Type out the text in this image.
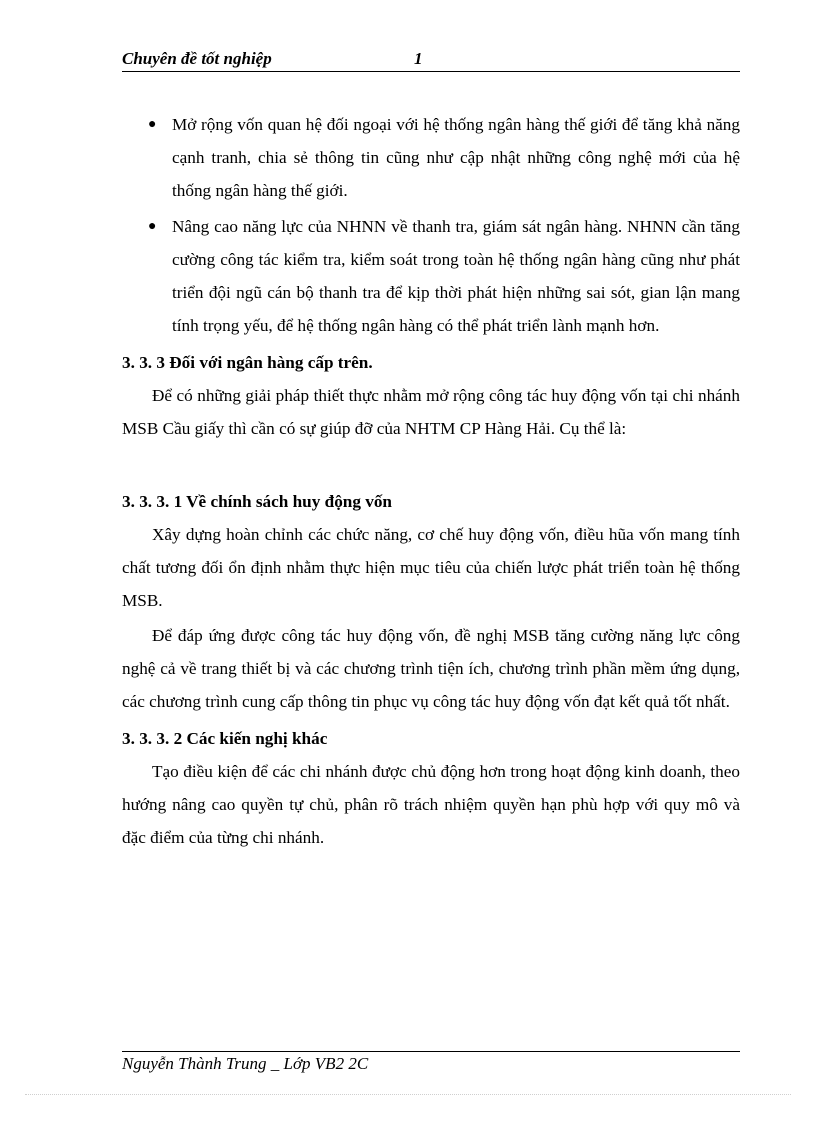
Chuyên đề tốt nghiệp	1
● Mở rộng vốn quan hệ đối ngoại với hệ thống ngân hàng thế giới để tăng khả năng cạnh tranh, chia sẻ thông tin cũng như cập nhật những công nghệ mới của hệ thống ngân hàng thế giới.
● Nâng cao năng lực của NHNN về thanh tra, giám sát ngân hàng. NHNN cần tăng cường công tác kiểm tra, kiểm soát trong toàn hệ thống ngân hàng cũng như phát triển đội ngũ cán bộ thanh tra để kịp thời phát hiện những sai sót, gian lận mang tính trọng yếu, để hệ thống ngân hàng có thể phát triển lành mạnh hơn.
3. 3. 3 Đối với ngân hàng cấp trên.

Để có những giải pháp thiết thực nhằm mở rộng công tác huy động vốn tại chi nhánh MSB Cầu giấy thì cần có sự giúp đỡ của NHTM CP Hàng Hải. Cụ thể là:

3. 3. 3. 1 Về chính sách huy động vốn

Xây dựng hoàn chỉnh các chức năng, cơ chế huy động vốn, điều hũa vốn mang tính chất tương đối ổn định nhằm thực hiện mục tiêu của chiến lược phát triển toàn hệ thống MSB.

Để đáp ứng được công tác huy động vốn, đề nghị MSB tăng cường năng lực công nghệ cả về trang thiết bị và các chương trình tiện ích, chương trình phần mềm ứng dụng, các chương trình cung cấp thông tin phục vụ công tác huy động vốn đạt kết quả tốt nhất.

3. 3. 3. 2 Các kiến nghị khác

Tạo điều kiện để các chi nhánh được chủ động hơn trong hoạt động kinh doanh, theo hướng nâng cao quyền tự chủ, phân rõ trách nhiệm quyền hạn phù hợp với quy mô và đặc điểm của từng chi nhánh.

Nguyễn Thành Trung _ Lớp VB2 2C
